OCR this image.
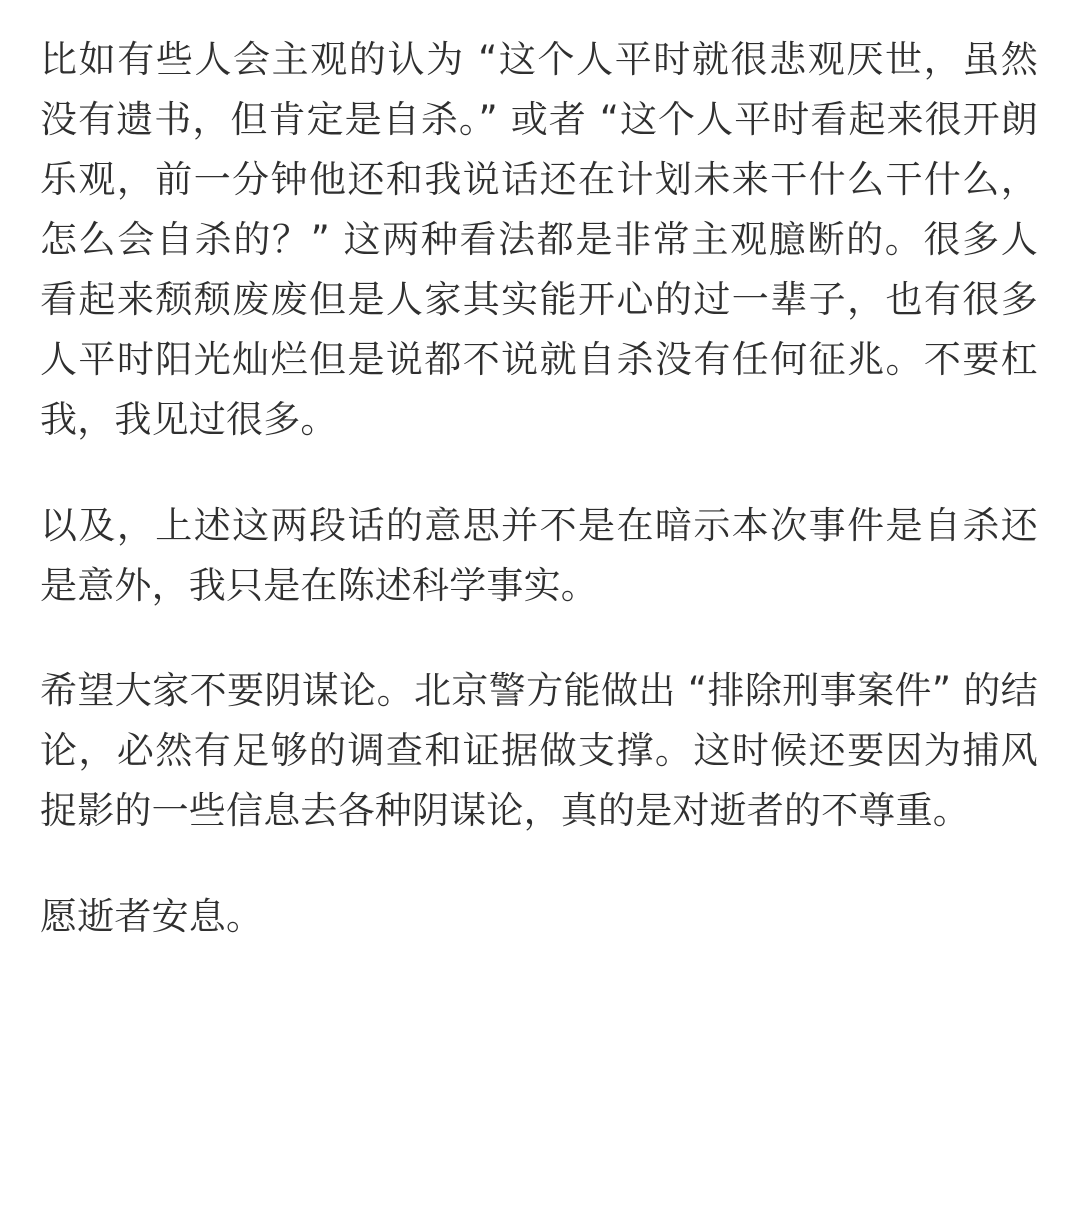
比如有些人会主观的认为 “这个人平时就很悲观厌世，虽然没有遗书，但肯定是自杀。” 或者 “这个人平时看起来很开朗乐观，前一分钟他还和我说话还在计划未来干什么干什么，怎么会自杀的？” 这两种看法都是非常主观臆断的。很多人看起来颓颓废废但是人家其实能开心的过一辈子，也有很多人平时阳光灿烂但是说都不说就自杀没有任何征兆。不要杠我，我见过很多。

以及，上述这两段话的意思并不是在暗示本次事件是自杀还是意外，我只是在陈述科学事实。

希望大家不要阴谋论。北京警方能做出 “排除刑事案件” 的结论，必然有足够的调查和证据做支撑。这时候还要因为捕风捉影的一些信息去各种阴谋论，真的是对逝者的不尊重。

愿逝者安息。
